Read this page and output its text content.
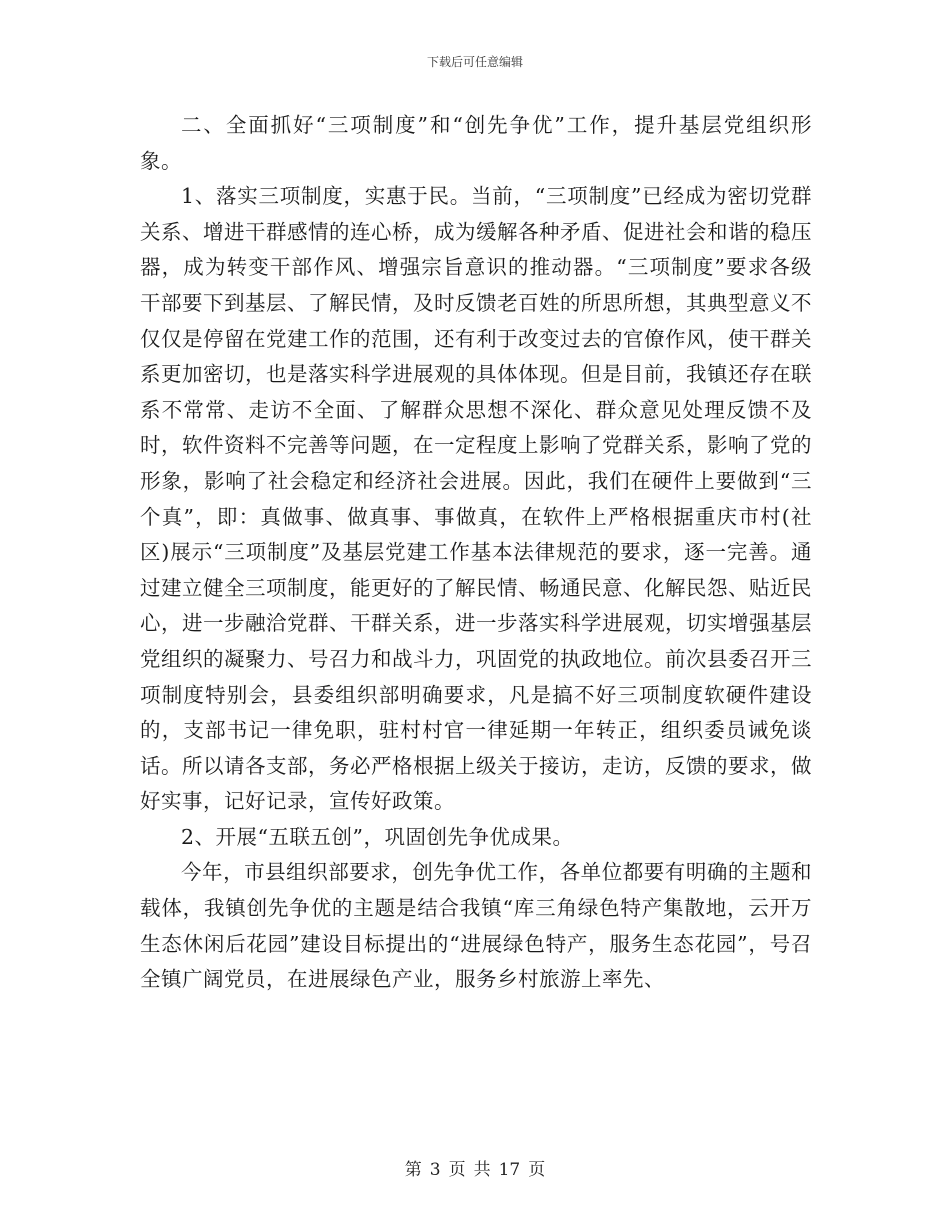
下载后可任意编辑

二、全面抓好“三项制度”和“创先争优”工作，提升基层党组织形象。

1、落实三项制度，实惠于民。当前，“三项制度”已经成为密切党群关系、增进干群感情的连心桥，成为缓解各种矛盾、促进社会和谐的稳压器，成为转变干部作风、增强宗旨意识的推动器。“三项制度”要求各级干部要下到基层、了解民情，及时反馈老百姓的所思所想，其典型意义不仅仅是停留在党建工作的范围，还有利于改变过去的官僚作风，使干群关系更加密切，也是落实科学进展观的具体体现。但是目前，我镇还存在联系不常常、走访不全面、了解群众思想不深化、群众意见处理反馈不及时，软件资料不完善等问题，在一定程度上影响了党群关系，影响了党的形象，影响了社会稳定和经济社会进展。因此，我们在硬件上要做到“三个真”，即：真做事、做真事、事做真，在软件上严格根据重庆市村(社区)展示“三项制度”及基层党建工作基本法律规范的要求，逐一完善。通过建立健全三项制度，能更好的了解民情、畅通民意、化解民怨、贴近民心，进一步融洽党群、干群关系，进一步落实科学进展观，切实增强基层党组织的凝聚力、号召力和战斗力，巩固党的执政地位。前次县委召开三项制度特别会，县委组织部明确要求，凡是搞不好三项制度软硬件建设的，支部书记一律免职，驻村村官一律延期一年转正，组织委员诫免谈话。所以请各支部，务必严格根据上级关于接访，走访，反馈的要求，做好实事，记好记录，宣传好政策。

2、开展“五联五创”，巩固创先争优成果。

今年，市县组织部要求，创先争优工作，各单位都要有明确的主题和载体，我镇创先争优的主题是结合我镇“库三角绿色特产集散地，云开万生态休闲后花园”建设目标提出的“进展绿色特产，服务生态花园”，号召全镇广阔党员，在进展绿色产业，服务乡村旅游上率先、

第 3 页 共 17 页
